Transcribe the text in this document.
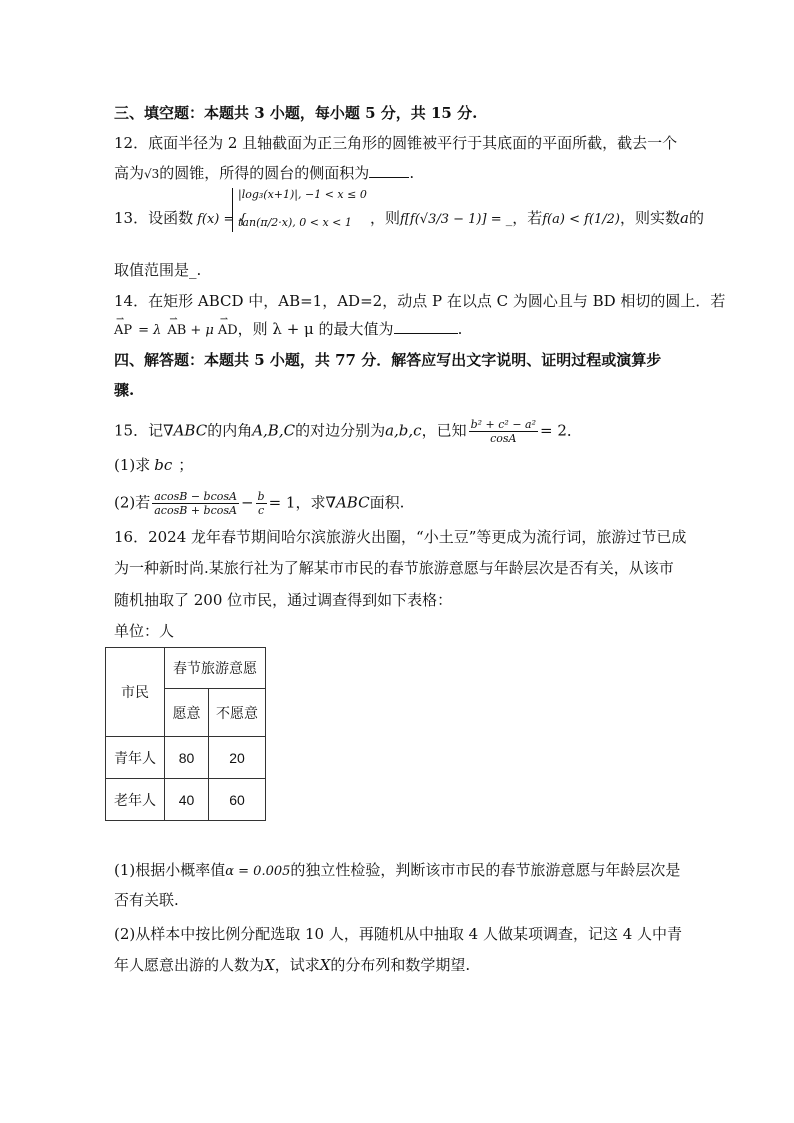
三、填空题：本题共 3 小题，每小题 5 分，共 15 分.
12．底面半径为 2 且轴截面为正三角形的圆锥被平行于其底面的平面所截，截去一个
高为√3的圆锥，所得的圆台的侧面积为	.
13．设函数 f(x) = {
|log₃(x+1)|, −1 < x ≤ 0
tan(π/2·x), 0 < x < 1	，则f[f(√3/3 − 1)] = _，若f(a) < f(1/2)，则实数a的
取值范围是_.
14．在矩形 ABCD 中，AB=1，AD=2，动点 P 在以点 C 为圆心且与 BD 相切的圆上．若
⇀ AP = λ ⇀ AB + μ ⇀ AD，则 λ + μ 的最大值为	.
四、解答题：本题共 5 小题，共 77 分．解答应写出文字说明、证明过程或演算步
骤.
15．记∇ABC的内角A,B,C的对边分别为a,b,c，已知 $\frac{\text{b² + c² − a²}}{\cos A} = 2$．
(1)求 bc ；
(2)若 $\frac{acosB - bcosA}{acosB + bcosA} - \frac{b}{c} = 1$，求∇ABC面积.
16．2024 龙年春节期间哈尔滨旅游火出圈，“小土豆”等更成为流行词，旅游过节已成
为一种新时尚.某旅行社为了解某市市民的春节旅游意愿与年龄层次是否有关，从该市
随机抽取了 200 位市民，通过调查得到如下表格：
单位：人
市民	春节旅游意愿	
	愿意	不愿意
青年人	80	20
老年人	40	60
(1)根据小概率值α = 0.005的独立性检验，判断该市市民的春节旅游意愿与年龄层次是
否有关联.
(2)从样本中按比例分配选取 10 人，再随机从中抽取 4 人做某项调查，记这 4 人中青
年人愿意出游的人数为X，试求X的分布列和数学期望.
